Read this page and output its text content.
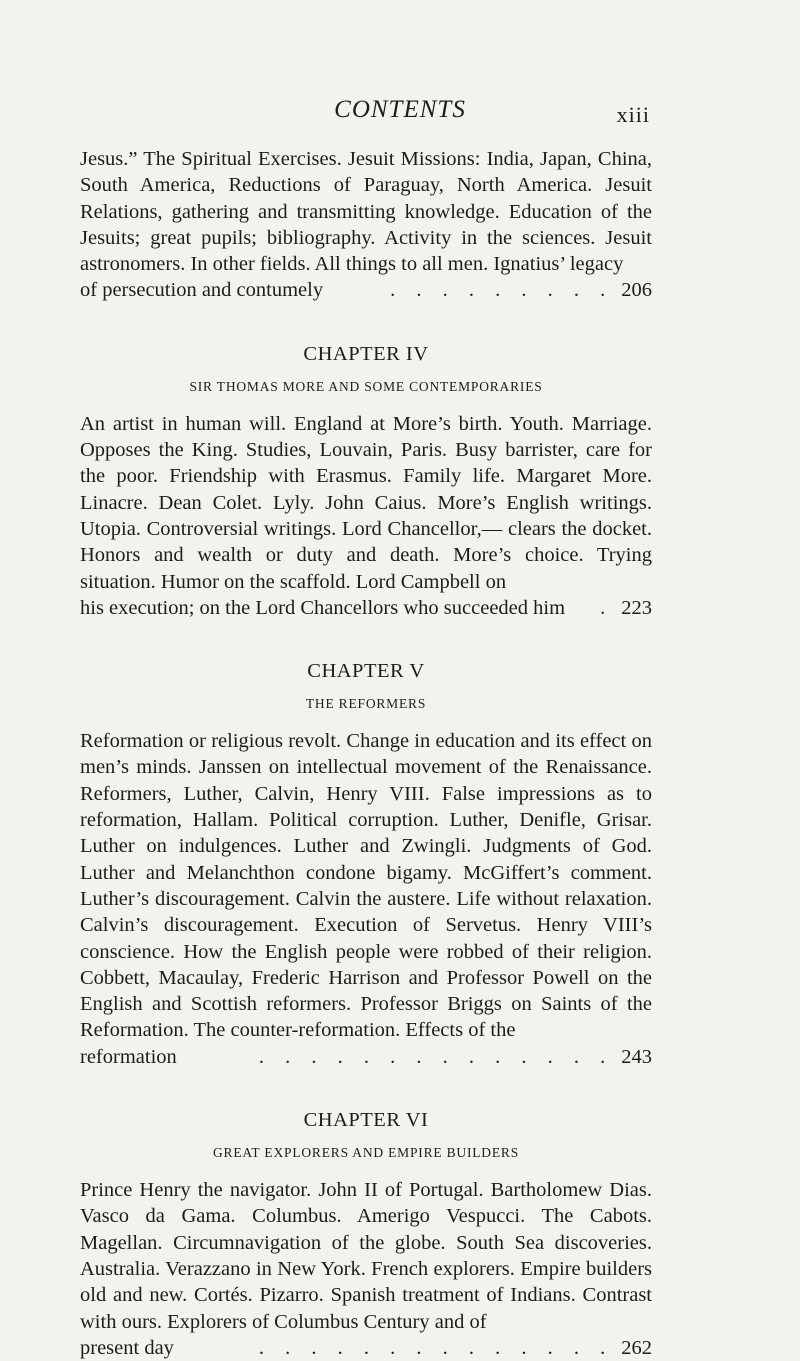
CONTENTS	xiii

Jesus.” The Spiritual Exercises. Jesuit Missions: India, Japan, China, South America, Reductions of Paraguay, North America. Jesuit Relations, gathering and transmitting knowledge. Education of the Jesuits; great pupils; bibliography. Activity in the sciences. Jesuit astronomers. In other fields. All things to all men. Ignatius’ legacy

of persecution and contumely	. . . . . . . . . 206
CHAPTER IV
SIR THOMAS MORE AND SOME CONTEMPORARIES

An artist in human will. England at More’s birth. Youth. Marriage. Opposes the King. Studies, Louvain, Paris. Busy barrister, care for the poor. Friendship with Erasmus. Family life. Margaret More. Linacre. Dean Colet. Lyly. John Caius. More’s English writings. Utopia. Controversial writings. Lord Chancellor,— clears the docket. Honors and wealth or duty and death. More’s choice. Trying situation. Humor on the scaffold. Lord Campbell on

his execution; on the Lord Chancellors who succeeded him	. 223
CHAPTER V
THE REFORMERS

Reformation or religious revolt. Change in education and its effect on men’s minds. Janssen on intellectual movement of the Renaissance. Reformers, Luther, Calvin, Henry VIII. False impressions as to reformation, Hallam. Political corruption. Luther, Denifle, Grisar. Luther on indulgences. Luther and Zwingli. Judgments of God. Luther and Melanchthon condone bigamy. McGiffert’s comment. Luther’s discouragement. Calvin the austere. Life without relaxation. Calvin’s discouragement. Execution of Servetus. Henry VIII’s conscience. How the English people were robbed of their religion. Cobbett, Macaulay, Frederic Harrison and Professor Powell on the English and Scottish reformers. Professor Briggs on Saints of the Reformation. The counter-reformation. Effects of the

reformation	. . . . . . . . . . . . . . 243
CHAPTER VI
GREAT EXPLORERS AND EMPIRE BUILDERS

Prince Henry the navigator. John II of Portugal. Bartholomew Dias. Vasco da Gama. Columbus. Amerigo Vespucci. The Cabots. Magellan. Circumnavigation of the globe. South Sea discoveries. Australia. Verazzano in New York. French explorers. Empire builders old and new. Cortés. Pizarro. Spanish treatment of Indians. Contrast with ours. Explorers of Columbus Century and of

present day	. . . . . . . . . . . . . . 262
